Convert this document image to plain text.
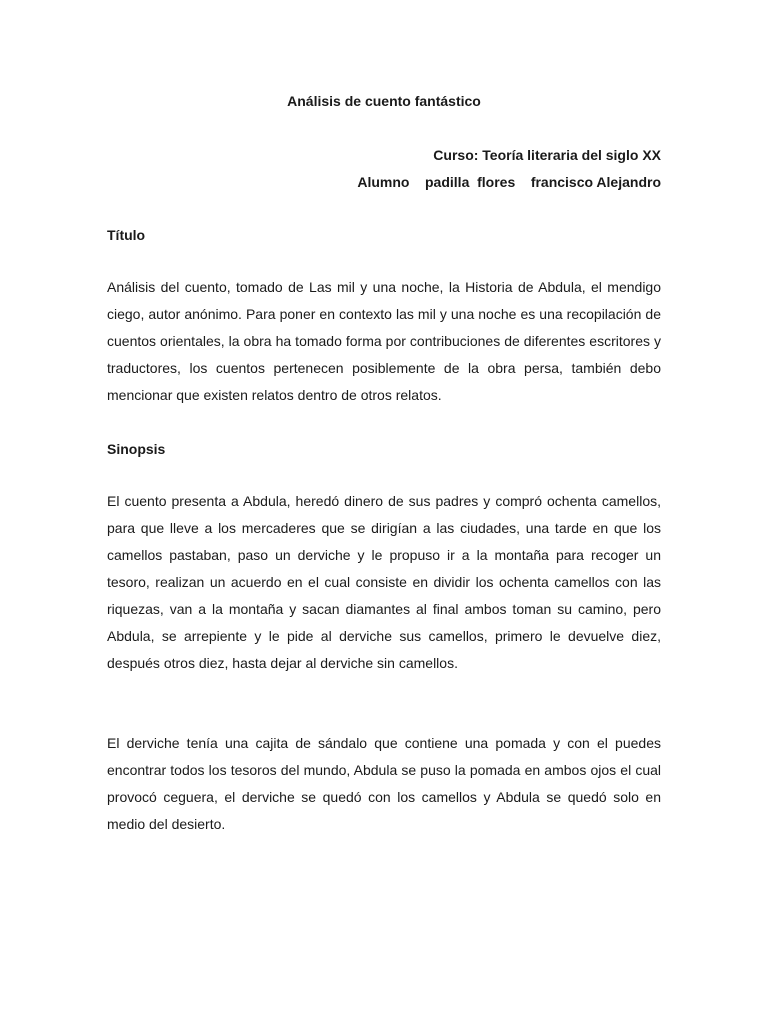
Análisis de cuento fantástico
Curso: Teoría literaria del siglo XX
Alumno    padilla  flores    francisco Alejandro
Título

Análisis del cuento, tomado de Las mil y una noche, la Historia de Abdula, el mendigo ciego, autor anónimo. Para poner en contexto las mil y una noche es una recopilación de cuentos orientales, la obra ha tomado forma por contribuciones de diferentes escritores y traductores, los cuentos pertenecen posiblemente de la obra persa, también debo mencionar que existen relatos dentro de otros relatos.

Sinopsis

El cuento presenta a Abdula, heredó dinero de sus padres y compró ochenta camellos, para que lleve a los mercaderes que se dirigían a las ciudades, una tarde en que los camellos pastaban, paso un derviche y le propuso ir a la montaña para recoger un tesoro, realizan un acuerdo en el cual consiste en dividir los ochenta camellos con las riquezas, van a la montaña y sacan diamantes al final ambos toman su camino, pero Abdula, se arrepiente y le pide al derviche sus camellos, primero le devuelve diez, después otros diez, hasta dejar al derviche sin camellos.

El derviche tenía una cajita de sándalo que contiene una pomada y con el puedes encontrar todos los tesoros del mundo, Abdula se puso la pomada en ambos ojos el cual provocó ceguera, el derviche se quedó con los camellos y Abdula se quedó solo en medio del desierto.
